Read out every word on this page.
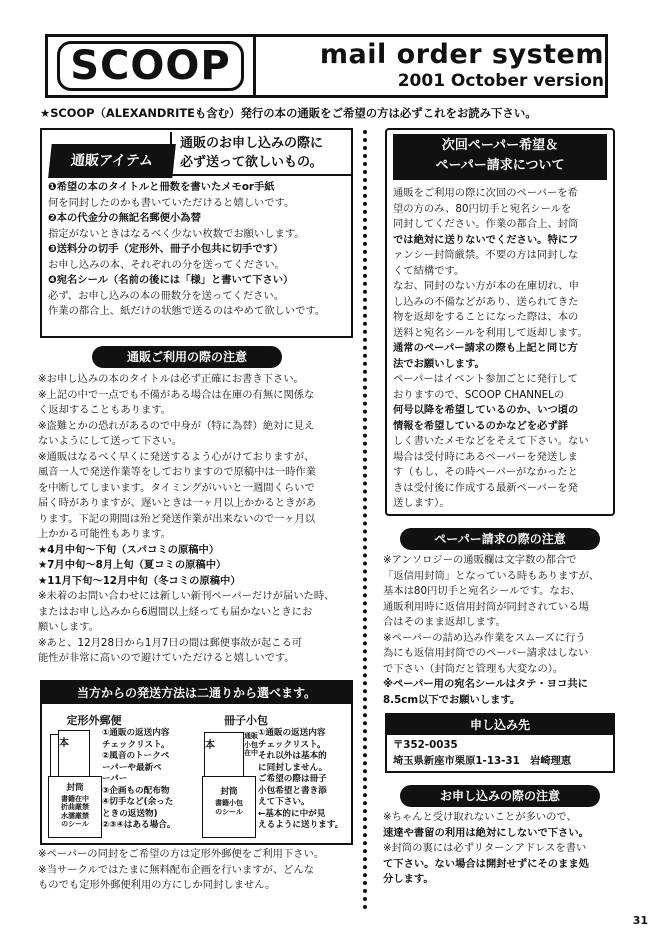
SCOOP	mail order system
2001 October version
★SCOOP（ALEXANDRITEも含む）発行の本の通販をご希望の方は必ずこれをお読み下さい。
通販アイテム
通販のお申し込みの際に
必ず送って欲しいもの。
❶希望の本のタイトルと冊数を書いたメモor手紙
何を同封したのかも書いていただけると嬉しいです。
❷本の代金分の無記名郵便小為替
指定がないときはなるべく少ない枚数でお願いします。
❸送料分の切手（定形外、冊子小包共に切手です）
お申し込みの本、それぞれの分を送ってください。
❹宛名シール（名前の後には「様」と書いて下さい）
必ず、お申し込みの本の冊数分を送ってください。
作業の都合上、紙だけの状態で送るのはやめて欲しいです。
通販ご利用の際の注意
※お申し込みの本のタイトルは必ず正確にお書き下さい。
※上記の中で一点でも不備がある場合は在庫の有無に関係な
く返却することもあります。
※盗難とかの恐れがあるので中身が（特に為替）絶対に見え
ないようにして送って下さい。
※通販はなるべく早くに発送するよう心がけておりますが、
風音一人で発送作業等をしておりますので原稿中は一時作業
を中断してしまいます。タイミングがいいと一週間くらいで
届く時がありますが、遅いときは一ヶ月以上かかるときがあ
ります。下記の期間は殆ど発送作業が出来ないので一ヶ月以
上かかる可能性もあります。
★4月中旬〜下旬（スパコミの原稿中）
★7月中旬〜8月上旬（夏コミの原稿中）
★11月下旬〜12月中旬（冬コミの原稿中）
※未着のお問い合わせには新しい新刊ペーパーだけが届いた時、
またはお申し込みから6週間以上経っても届かないときにお
願いします。
※あと、12月28日から1月7日の間は郵便事故が起こる可
能性が非常に高いので避けていただけると嬉しいです。
当方からの発送方法は二通りから選べます。
定形外郵便
本
封筒
書籍在中
折曲厳禁
水濡厳禁
のシール
①通販の返送内容
チェックリスト。
②風音のトークペ
ーパーや最新ペ
ーパー
③企画もの配布物
④切手など(余った
ときの返送物)
②③④はある場合。
冊子小包
本
通販
小包
在中
封筒
書籍小包
のシール
①通販の返送内容
チェックリスト。
それ以外は基本的
に同封しません。
ご希望の際は冊子
小包希望と書き添
えて下さい。
←基本的に中が見
えるように送ります。
※ペーパーの同封をご希望の方は定形外郵便をご利用下さい。
※当サークルではたまに無料配布企画を行いますが、どんな
ものでも定形外郵便利用の方にしか同封しません。
次回ペーパー希望＆
ペーパー請求について
通販をご利用の際に次回のペーパーを希
望の方のみ、80円切手と宛名シールを
同封してください。作業の都合上、封筒
では絶対に送りないでください。特にフ
ァンシー封筒厳禁。不要の方は同封しな
くて結構です。
なお、同封のない方が本の在庫切れ、申
し込みの不備などがあり、送られてきた
物を返却をすることになった際は、本の
送料と宛名シールを利用して返却します。
通常のペーパー請求の際も上記と同じ方
法でお願いします。
ペーパーはイベント参加ごとに発行して
おりますので、SCOOP CHANNELの
何号以降を希望しているのか、いつ頃の
情報を希望しているのかなどを必ず詳
しく書いたメモなどをそえて下さい。ない
場合は受付時にあるペーパーを発送しま
す（もし、その時ペーパーがなかったと
きは受付後に作成する最新ペーパーを発
送します）。
ペーパー請求の際の注意
※アンソロジーの通販欄は文字数の都合で
「返信用封筒」となっている時もありますが、
基本は80円切手と宛名シールです。なお、
通販利用時に返信用封筒が同封されている場
合はそのまま返却します。
※ペーパーの詰め込み作業をスムーズに行う
為にも返信用封筒でのペーパー請求はしない
で下さい（封筒だと管理も大変なの）。
※ペーパー用の宛名シールはタテ・ヨコ共に
8.5cm以下でお願いします。
申し込み先
〒352-0035
埼玉県新座市栗原1-13-31　岩崎理恵
お申し込みの際の注意
※ちゃんと受け取れないことが多いので、
速達や書留の利用は絶対にしないで下さい。
※封筒の裏には必ずリターンアドレスを書い
て下さい。ない場合は開封せずにそのまま処
分します。
31
